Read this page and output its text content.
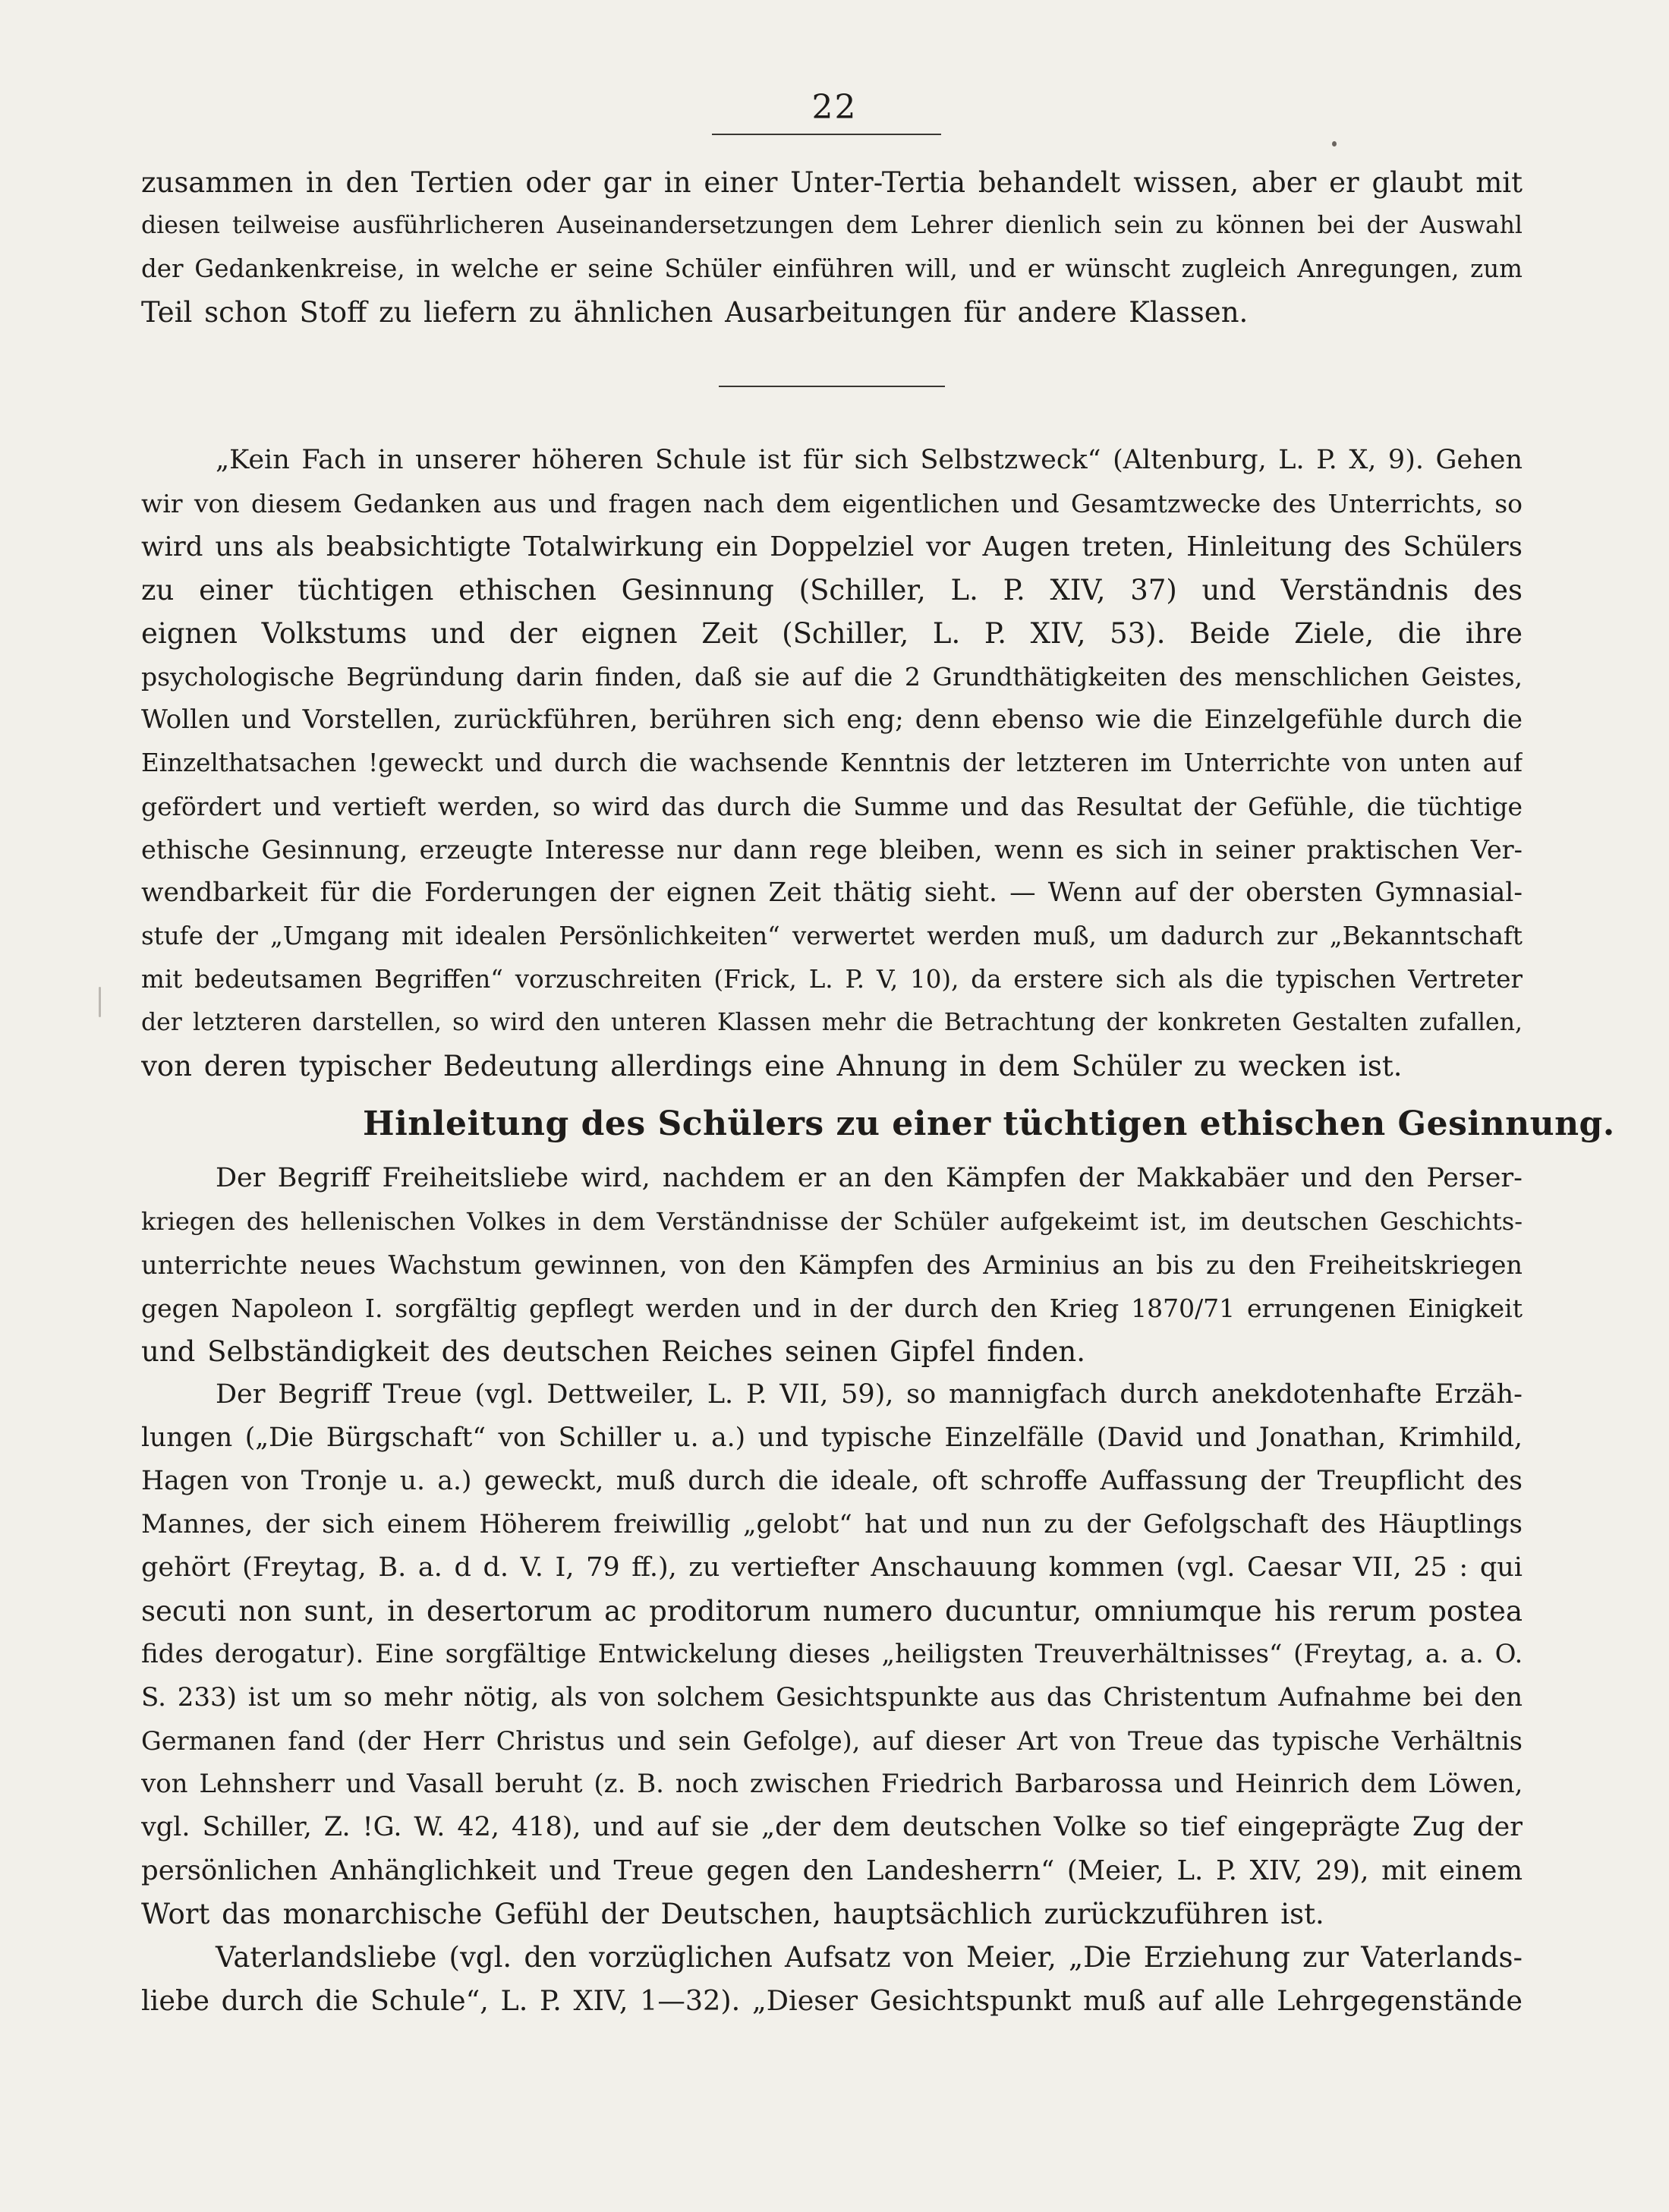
22
zusammen in den Tertien oder gar in einer Unter-Tertia behandelt wissen, aber er glaubt mit
diesen teilweise ausführlicheren Auseinandersetzungen dem Lehrer dienlich sein zu können bei der Auswahl
der Gedankenkreise, in welche er seine Schüler einführen will, und er wünscht zugleich Anregungen, zum
Teil schon Stoff zu liefern zu ähnlichen Ausarbeitungen für andere Klassen.
„Kein Fach in unserer höheren Schule ist für sich Selbstzweck“ (Altenburg, L. P. X, 9). Gehen
wir von diesem Gedanken aus und fragen nach dem eigentlichen und Gesamtzwecke des Unterrichts, so
wird uns als beabsichtigte Totalwirkung ein Doppelziel vor Augen treten, Hinleitung des Schülers
zu einer tüchtigen ethischen Gesinnung (Schiller, L. P. XIV, 37) und Verständnis des
eignen Volkstums und der eignen Zeit (Schiller, L. P. XIV, 53). Beide Ziele, die ihre
psychologische Begründung darin finden, daß sie auf die 2 Grundthätigkeiten des menschlichen Geistes,
Wollen und Vorstellen, zurückführen, berühren sich eng; denn ebenso wie die Einzelgefühle durch die
Einzelthatsachen !geweckt und durch die wachsende Kenntnis der letzteren im Unterrichte von unten auf
gefördert und vertieft werden, so wird das durch die Summe und das Resultat der Gefühle, die tüchtige
ethische Gesinnung, erzeugte Interesse nur dann rege bleiben, wenn es sich in seiner praktischen Ver-
wendbarkeit für die Forderungen der eignen Zeit thätig sieht. — Wenn auf der obersten Gymnasial-
stufe der „Umgang mit idealen Persönlichkeiten“ verwertet werden muß, um dadurch zur „Bekanntschaft
mit bedeutsamen Begriffen“ vorzuschreiten (Frick, L. P. V, 10), da erstere sich als die typischen Vertreter
der letzteren darstellen, so wird den unteren Klassen mehr die Betrachtung der konkreten Gestalten zufallen,
von deren typischer Bedeutung allerdings eine Ahnung in dem Schüler zu wecken ist.
Hinleitung des Schülers zu einer tüchtigen ethischen Gesinnung.
Der Begriff Freiheitsliebe wird, nachdem er an den Kämpfen der Makkabäer und den Perser-
kriegen des hellenischen Volkes in dem Verständnisse der Schüler aufgekeimt ist, im deutschen Geschichts-
unterrichte neues Wachstum gewinnen, von den Kämpfen des Arminius an bis zu den Freiheitskriegen
gegen Napoleon I. sorgfältig gepflegt werden und in der durch den Krieg 1870/71 errungenen Einigkeit
und Selbständigkeit des deutschen Reiches seinen Gipfel finden.
Der Begriff Treue (vgl. Dettweiler, L. P. VII, 59), so mannigfach durch anekdotenhafte Erzäh-
lungen („Die Bürgschaft“ von Schiller u. a.) und typische Einzelfälle (David und Jonathan, Krimhild,
Hagen von Tronje u. a.) geweckt, muß durch die ideale, oft schroffe Auffassung der Treupflicht des
Mannes, der sich einem Höherem freiwillig „gelobt“ hat und nun zu der Gefolgschaft des Häuptlings
gehört (Freytag, B. a. d d. V. I, 79 ff.), zu vertiefter Anschauung kommen (vgl. Caesar VII, 25 : qui
secuti non sunt, in desertorum ac proditorum numero ducuntur, omniumque his rerum postea
fides derogatur). Eine sorgfältige Entwickelung dieses „heiligsten Treuverhältnisses“ (Freytag, a. a. O.
S. 233) ist um so mehr nötig, als von solchem Gesichtspunkte aus das Christentum Aufnahme bei den
Germanen fand (der Herr Christus und sein Gefolge), auf dieser Art von Treue das typische Verhältnis
von Lehnsherr und Vasall beruht (z. B. noch zwischen Friedrich Barbarossa und Heinrich dem Löwen,
vgl. Schiller, Z. !G. W. 42, 418), und auf sie „der dem deutschen Volke so tief eingeprägte Zug der
persönlichen Anhänglichkeit und Treue gegen den Landesherrn“ (Meier, L. P. XIV, 29), mit einem
Wort das monarchische Gefühl der Deutschen, hauptsächlich zurückzuführen ist.
Vaterlandsliebe (vgl. den vorzüglichen Aufsatz von Meier, „Die Erziehung zur Vaterlands-
liebe durch die Schule“, L. P. XIV, 1—32). „Dieser Gesichtspunkt muß auf alle Lehrgegenstände
